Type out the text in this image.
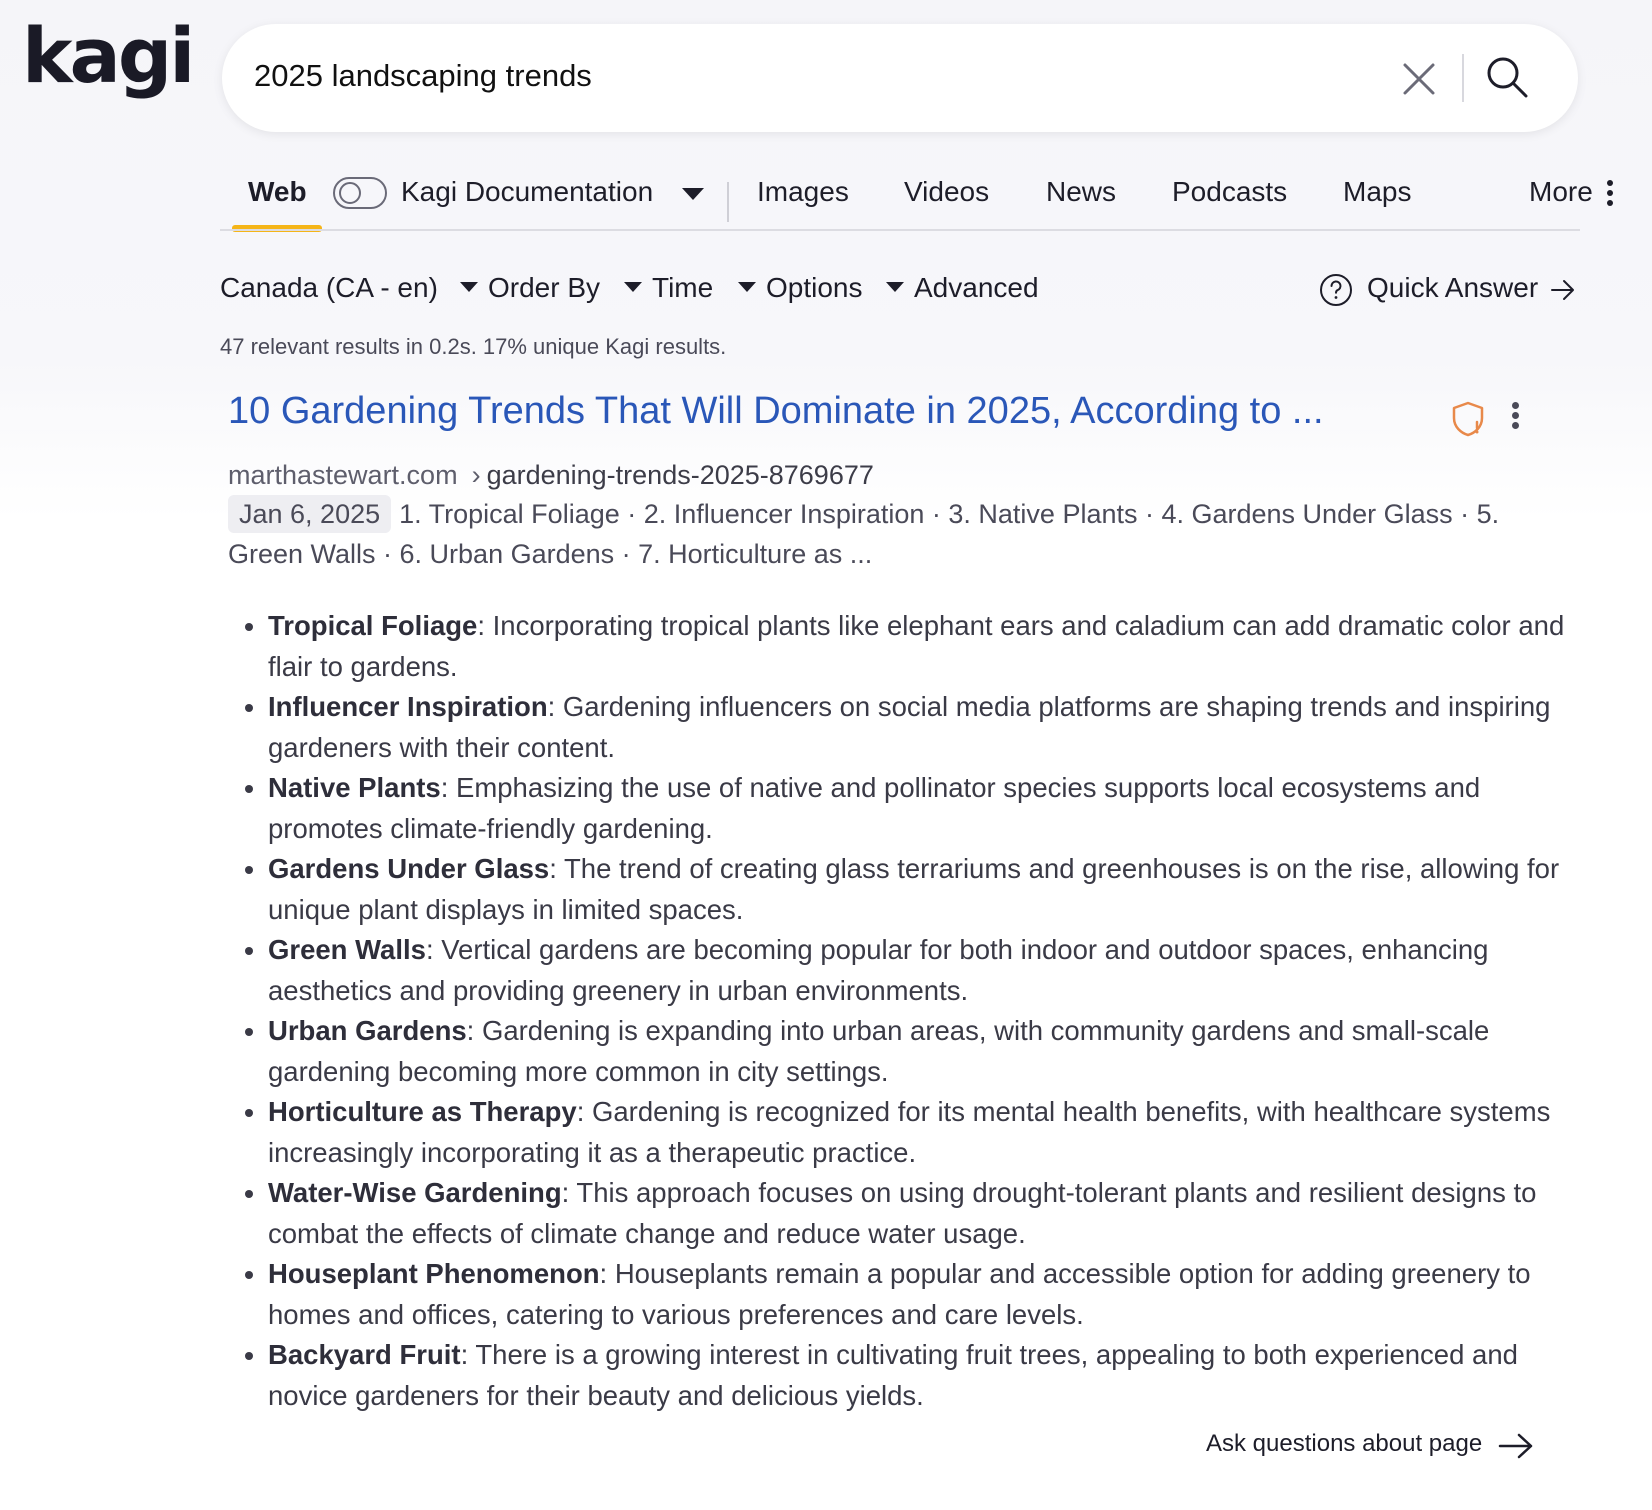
kagi 2025 landscaping trends
Web	Kagi Documentation	Images Videos News Podcasts Maps	More
Canada (CA - en)	Order By	Time	Options	Advanced	Quick Answer
47 relevant results in 0.2s. 17% unique Kagi results.
10 Gardening Trends That Will Dominate in 2025, According to ...
marthastewart.com › gardening-trends-2025-8769677
Jan 6, 2025 1. Tropical Foliage · 2. Influencer Inspiration · 3. Native Plants · 4. Gardens Under Glass · 5. Green Walls · 6. Urban Gardens · 7. Horticulture as ...
• Tropical Foliage: Incorporating tropical plants like elephant ears and caladium can add dramatic color and flair to gardens.
• Influencer Inspiration: Gardening influencers on social media platforms are shaping trends and inspiring gardeners with their content.
• Native Plants: Emphasizing the use of native and pollinator species supports local ecosystems and promotes climate-friendly gardening.
• Gardens Under Glass: The trend of creating glass terrariums and greenhouses is on the rise, allowing for unique plant displays in limited spaces.
• Green Walls: Vertical gardens are becoming popular for both indoor and outdoor spaces, enhancing aesthetics and providing greenery in urban environments.
• Urban Gardens: Gardening is expanding into urban areas, with community gardens and small-scale gardening becoming more common in city settings.
• Horticulture as Therapy: Gardening is recognized for its mental health benefits, with healthcare systems increasingly incorporating it as a therapeutic practice.
• Water-Wise Gardening: This approach focuses on using drought-tolerant plants and resilient designs to combat the effects of climate change and reduce water usage.
• Houseplant Phenomenon: Houseplants remain a popular and accessible option for adding greenery to homes and offices, catering to various preferences and care levels.
• Backyard Fruit: There is a growing interest in cultivating fruit trees, appealing to both experienced and novice gardeners for their beauty and delicious yields.
Ask questions about page
